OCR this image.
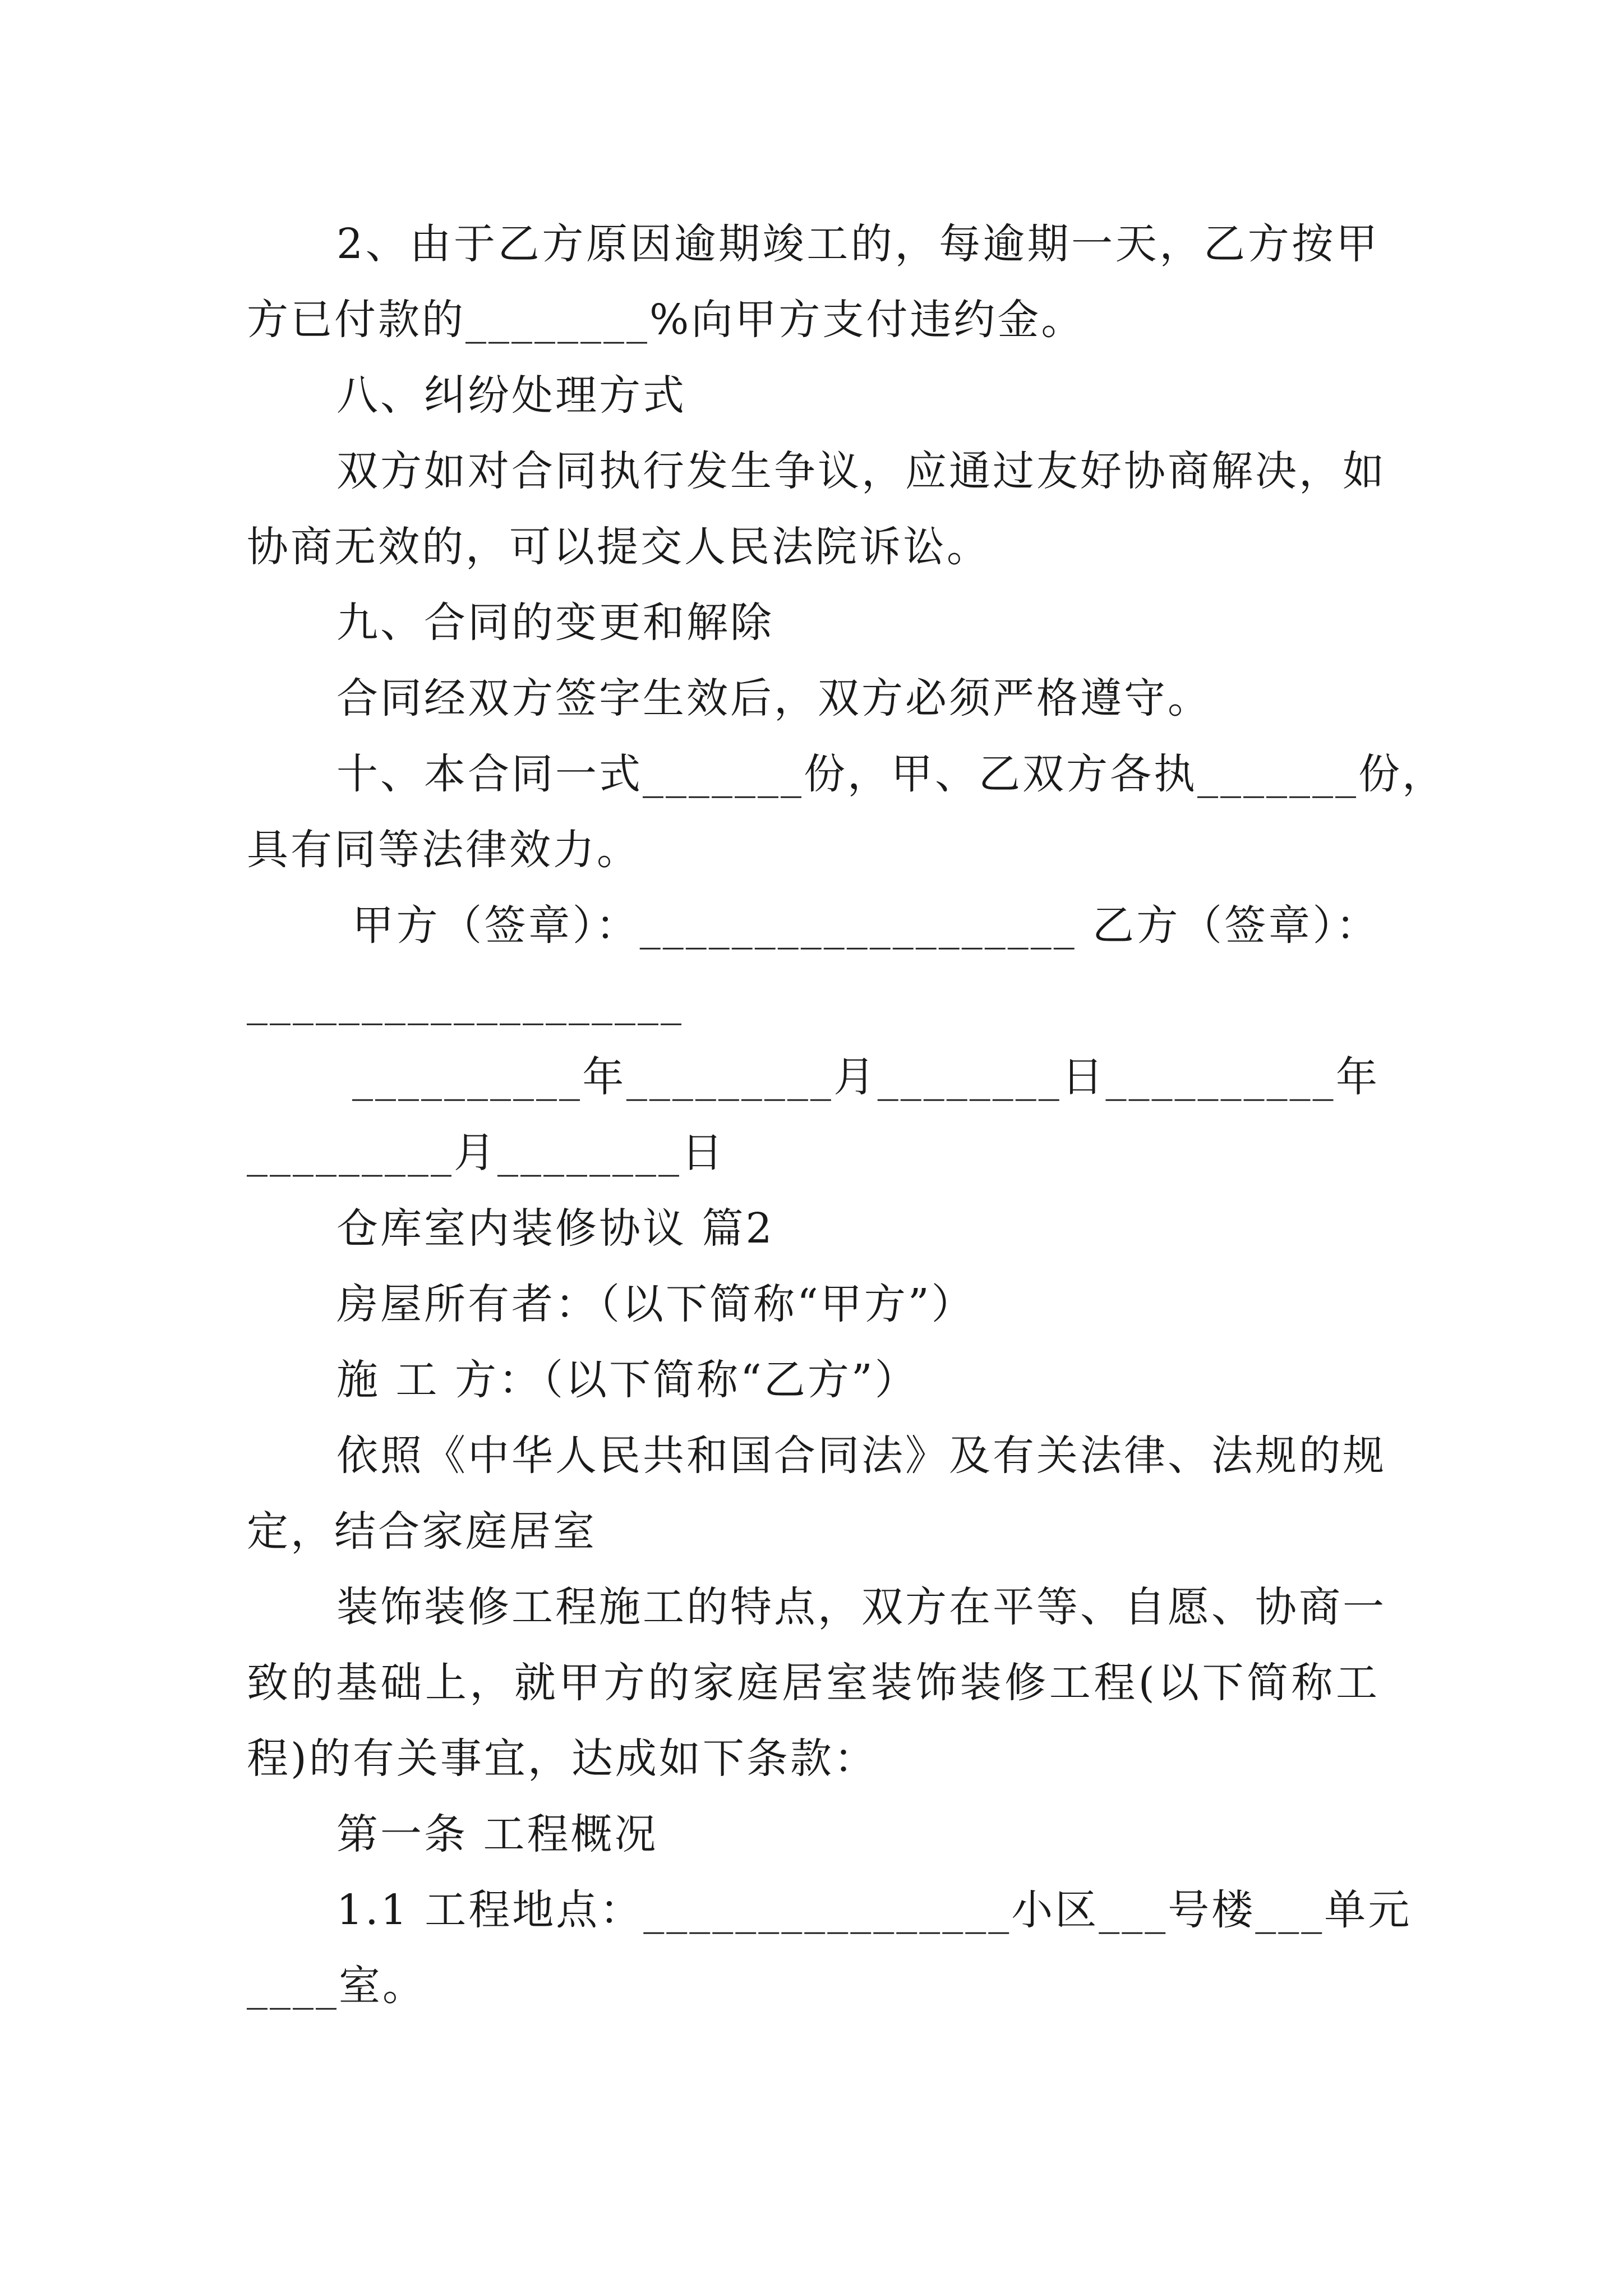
2、由于乙方原因逾期竣工的，每逾期一天，乙方按甲
方已付款的________%向甲方支付违约金。
八、纠纷处理方式
双方如对合同执行发生争议，应通过友好协商解决，如
协商无效的，可以提交人民法院诉讼。
九、合同的变更和解除
合同经双方签字生效后，双方必须严格遵守。
十、本合同一式_______份，甲、乙双方各执_______份，
具有同等法律效力。
甲方（签章）：___________________ 乙方（签章）：
___________________
__________年_________月________日__________年
_________月________日
仓库室内装修协议 篇2
房屋所有者：（以下简称“甲方”）
施 工 方：（以下简称“乙方”）
依照《中华人民共和国合同法》及有关法律、法规的规
定，结合家庭居室
装饰装修工程施工的特点，双方在平等、自愿、协商一
致的基础上，就甲方的家庭居室装饰装修工程(以下简称工
程)的有关事宜，达成如下条款：
第一条 工程概况
1.1 工程地点：________________小区___号楼___单元
____室。
